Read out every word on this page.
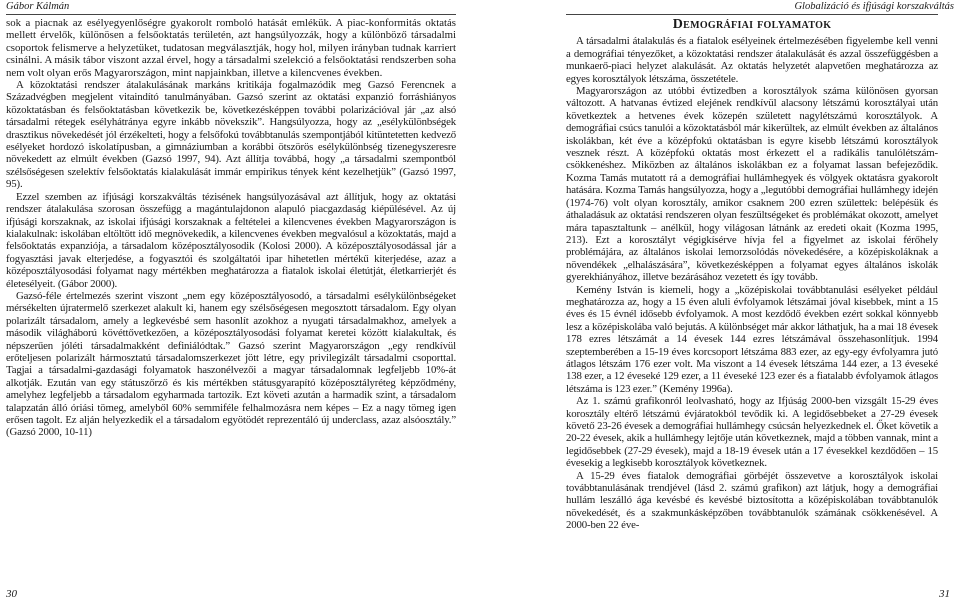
Gábor Kálmán

sok a piacnak az esélyegyenlőségre gyakorolt romboló hatását emlékük. A piac-konformitás oktatás mellett érvelők, különösen a felsőoktatás területén, azt hangsúlyozzák, hogy a különböző társadalmi csoportok felismerve a helyzetüket, tudatosan megválasztják, hogy hol, milyen irányban tudnak karriert csinálni. A másik tábor viszont azzal érvel, hogy a társadalmi szelekció a felsőoktatási rendszerben soha nem volt olyan erős Magyarországon, mint napjainkban, illetve a kilencvenes években.

A közoktatási rendszer átalakulásának markáns kritikája fogalmazódik meg Gazsó Ferencnek a Századvégben megjelent vitaindító tanulmányában. Gazsó szerint az oktatási expanzió forráshiányos közoktatásban és felsőoktatásban következik be, következésképpen további polarizációval jár „az alsó társadalmi rétegek esélyhátránya egyre inkább növekszik”. Hangsúlyozza, hogy az „esélykülönbségek drasztikus növekedését jól érzékelteti, hogy a felsőfokú továbbtanulás szempontjából kitüntetetten kedvező esélyeket hordozó iskolatípusban, a gimnáziumban a korábbi ötszörös esélykülönbség tizenegyszeresre növekedett az elmúlt években (Gazsó 1997, 94). Azt állítja továbbá, hogy „a társadalmi szempontból szélsőségesen szelektív felsőoktatás kialakulását immár empirikus tények ként kezelhetjük” (Gazsó 1997, 95).

Ezzel szemben az ifjúsági korszakváltás tézisének hangsúlyozásával azt állítjuk, hogy az oktatási rendszer átalakulása szorosan összefügg a magántulajdonon alapuló piacgazdaság kiépülésével. Az új ifjúsági korszaknak, az iskolai ifjúsági korszaknak a feltételei a kilencvenes években Magyarországon is kialakulnak: iskolában eltöltött idő megnövekedik, a kilencvenes években megvalósul a közoktatás, majd a felsőoktatás expanziója, a társadalom középosztályosodik (Kolosi 2000). A középosztályosodással jár a fogyasztási javak elterjedése, a fogyasztói és szolgáltatói ipar hihetetlen mértékű kiterjedése, azaz a középosztályosodási folyamat nagy mértékben meghatározza a fiatalok iskolai életútját, életkarrierjét és életesélyeit. (Gábor 2000).

Gazsó-féle értelmezés szerint viszont „nem egy középosztályosodó, a társadalmi esélykülönbségeket mérsékelten újratermelő szerkezet alakult ki, hanem egy szélsőségesen megosztott társadalom. Egy olyan polarizált társadalom, amely a legkevésbé sem hasonlít azokhoz a nyugati társadalmakhoz, amelyek a második világháború kövéttővetkezően, a középosztályosodási folyamat keretei között kialakultak, és népszerűen jóléti társadalmakként definiálódtak.” Gazsó szerint Magyarországon „egy rendkívül erőteljesen polarizált hármosztatú társadalomszerkezet jött létre, egy privilegizált társadalmi csoporttal. Tagjai a társadalmi-gazdasági folyamatok haszonélvezői a magyar társadalomnak legfeljebb 10%-át alkotják. Ezután van egy státuszőrző és kis mértékben státusgyarapító középosztályréteg képződmény, amelyhez legfeljebb a társadalom egyharmada tartozik. Ezt követi azután a harmadik szint, a társadalom talapzatán álló óriási tömeg, amelyből 60% semmiféle felhalmozásra nem képes – Ez a nagy tömeg igen erősen tagolt. Ez alján helyezkedik el a társadalom egyötödét reprezentáló új underclass, azaz alsóosztály.” (Gazsó 2000, 10-11)

30
Globalizáció és ifjúsági korszakváltás
Demográfiai folyamatok

A társadalmi átalakulás és a fiatalok esélyeinek értelmezésében figyelembe kell venni a demográfiai tényezőket, a közoktatási rendszer átalakulását és azzal összefüggésben a munkaerő-piaci helyzet alakulását. Az oktatás helyzetét alapvetően meghatározza az egyes korosztályok létszáma, összetétele.

Magyarországon az utóbbi évtizedben a korosztályok száma különösen gyorsan változott. A hatvanas évtized elejének rendkívül alacsony létszámú korosztályai után következtek a hetvenes évek közepén született nagylétszámú korosztályok. A demográfiai csúcs tanulói a közoktatásból már kikerültek, az elmúlt években az általános iskolákban, két éve a középfokú oktatásban is egyre kisebb létszámú korosztályok vesznek részt. A középfokú oktatás most érkezett el a radikális tanulólétszám-csökkenéshez. Miközben az általános iskolákban ez a folyamat lassan befejeződik. Kozma Tamás mutatott rá a demográfiai hullámhegyek és völgyek oktatásra gyakorolt hatására. Kozma Tamás hangsúlyozza, hogy a „legutóbbi demográfiai hullámhegy idején (1974-76) volt olyan korosztály, amikor csaknem 200 ezren születtek: belépésük és áthaladásuk az oktatási rendszeren olyan feszültségeket és problémákat okozott, amelyet mára tapasztaltunk – anélkül, hogy világosan látnánk az eredeti okait (Kozma 1995, 213). Ezt a korosztályt végigkísérve hívja fel a figyelmet az iskolai férőhely problémájára, az általános iskolai lemorzsolódás növekedésére, a középiskoláknak a növendékek „elhalászására”, következésképpen a folyamat egyes általános iskolák gyerekhiányához, illetve bezárásához vezetett és így tovább.

Kemény István is kiemeli, hogy a „középiskolai továbbtanulási esélyeket például meghatározza az, hogy a 15 éven aluli évfolyamok létszámai jóval kisebbek, mint a 15 éves és 15 évnél idősebb évfolyamok. A most kezdődő években ezért sokkal könnyebb lesz a középiskolába való bejutás. A különbséget már akkor láthatjuk, ha a mai 18 évesek 178 ezres létszámát a 14 évesek 144 ezres létszámával összehasonlítjuk. 1994 szeptemberében a 15-19 éves korcsoport létszáma 883 ezer, az egy-egy évfolyamra jutó átlagos létszám 176 ezer volt. Ma viszont a 14 évesek létszáma 144 ezer, a 13 éveseké 138 ezer, a 12 éveseké 129 ezer, a 11 éveseké 123 ezer és a fiatalabb évfolyamok átlagos létszáma is 123 ezer.” (Kemény 1996a).

Az 1. számú grafikonról leolvasható, hogy az Ifjúság 2000-ben vizsgált 15-29 éves korosztály eltérő létszámú évjáratokból tevődik ki. A legidősebbeket a 27-29 évesek követő 23-26 évesek a demográfiai hullámhegy csúcsán helyezkednek el. Őket követik a 20-22 évesek, akik a hullámhegy lejtője után következnek, majd a többen vannak, mint a legidősebbek (27-29 évesek), majd a 18-19 évesek után a 17 évesekkel kezdődően – 15 évesekig a legkisebb korosztályok következnek.

A 15-29 éves fiatalok demográfiai görbéjét összevetve a korosztályok iskolai továbbtanulásának trendjével (lásd 2. számú grafikon) azt látjuk, hogy a demográfiai hullám leszálló ága kevésbé és kevésbé biztosította a középiskolában továbbtanulók növekedését, és a szakmunkásképzőben továbbtanulók számának csökkenésével. A 2000-ben 22 éve-

31
